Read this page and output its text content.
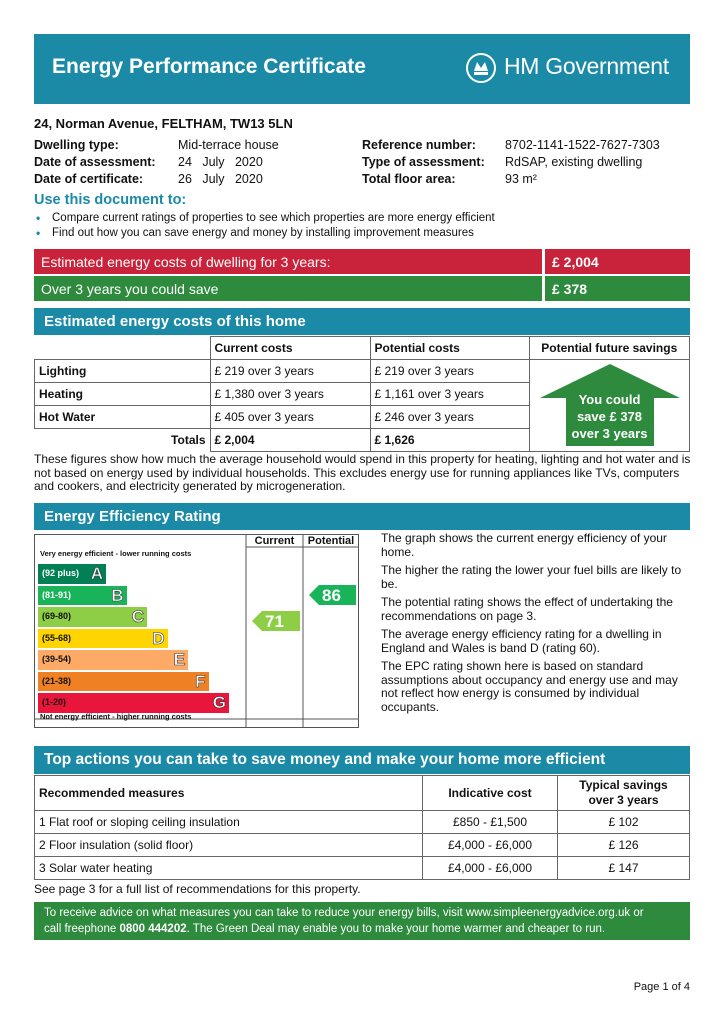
Energy Performance Certificate	HM Government
24, Norman Avenue, FELTHAM, TW13 5LN
Dwelling type:	Mid-terrace house
Date of assessment: 24   July   2020
Date of certificate:	26   July   2020
Reference number: 8702-1141-1522-7627-7303
Type of assessment: RdSAP, existing dwelling
Total floor area:	93 m²
Use this document to:
• Compare current ratings of properties to see which properties are more energy efficient
• Find out how you can save energy and money by installing improvement measures
Estimated energy costs of dwelling for 3 years:	£ 2,004
Over 3 years you could save	£ 378
Estimated energy costs of this home
	Current costs	Potential costs	Potential future savings
Lighting	£ 219 over 3 years	£ 219 over 3 years	You could
save £ 378
over 3 years

Heating	£ 1,380 over 3 years	£ 1,161 over 3 years	
Hot Water	£ 405 over 3 years	£ 246 over 3 years	
Totals	£ 2,004	£ 1,626	

These figures show how much the average household would spend in this property for heating, lighting and hot water and is not based on energy used by individual households. This excludes energy use for running appliances like TVs, computers and cookers, and electricity generated by microgeneration.

Energy Efficiency Rating
Current	Potential
Very energy efficient - lower running costs
Not energy efficient - higher running costs
(92 plus) A
(81-91) B
(69-80)	C
(55-68)	D
(39-54)	E
(21-38)	F
(1-20)	G
71
86

The graph shows the current energy efficiency of your home.

The higher the rating the lower your fuel bills are likely to be.

The potential rating shows the effect of undertaking the recommendations on page 3.

The average energy efficiency rating for a dwelling in England and Wales is band D (rating 60).

The EPC rating shown here is based on standard assumptions about occupancy and energy use and may not reflect how energy is consumed by individual occupants.

Top actions you can take to save money and make your home more efficient
Recommended measures	Indicative cost	Typical savings
over 3 years

1 Flat roof or sloping ceiling insulation	£850 - £1,500	£ 102
2 Floor insulation (solid floor)	£4,000 - £6,000	£ 126
3 Solar water heating	£4,000 - £6,000	£ 147
See page 3 for a full list of recommendations for this property.
To receive advice on what measures you can take to reduce your energy bills, visit www.simpleenergyadvice.org.uk or
call freephone 0800 444202. The Green Deal may enable you to make your home warmer and cheaper to run.
Page 1 of 4
